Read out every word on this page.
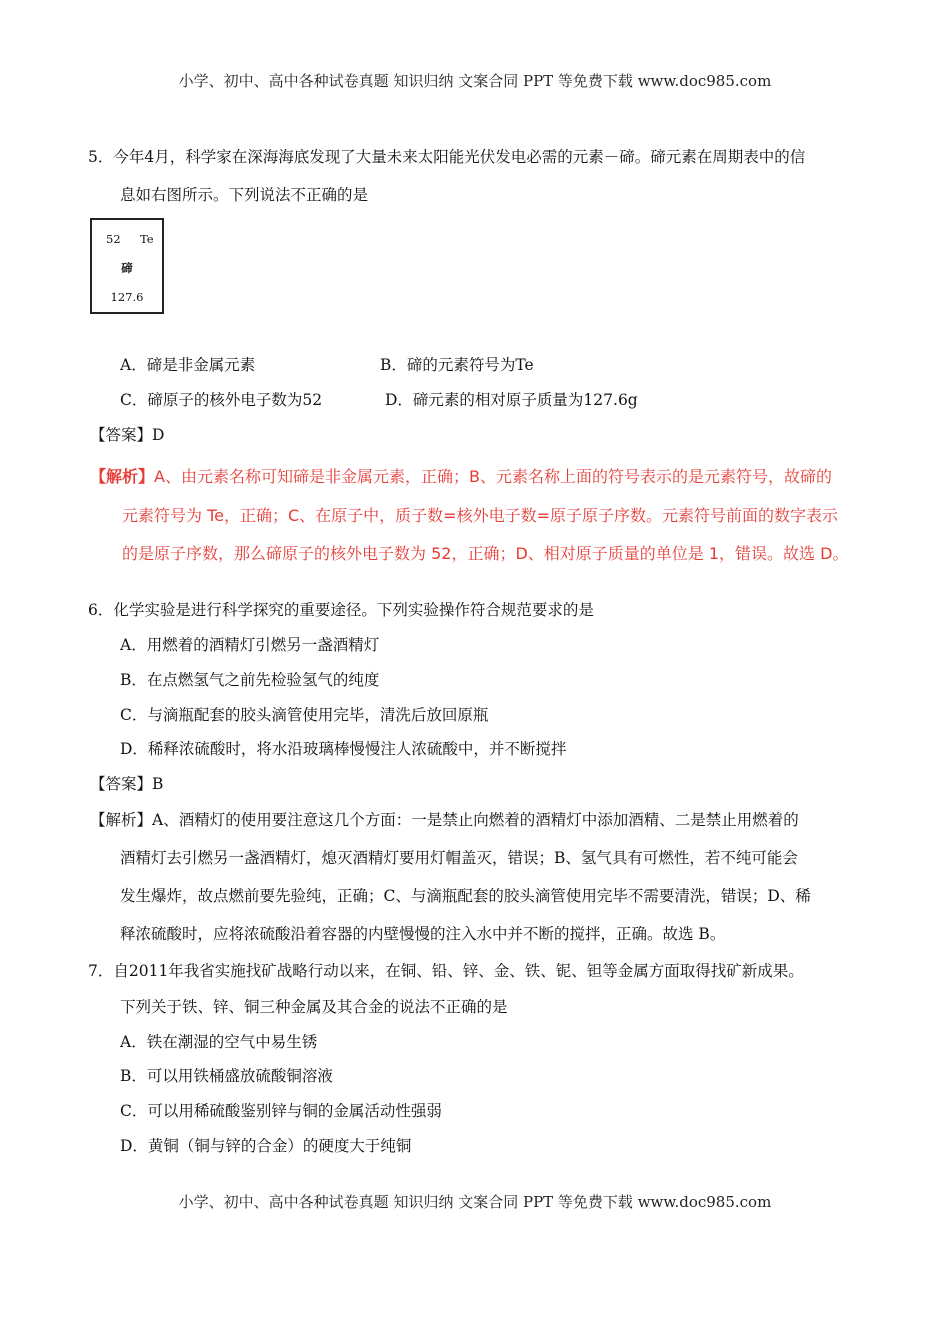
小学、初中、高中各种试卷真题 知识归纳 文案合同 PPT 等免费下载 www.doc985.com
5．今年4月，科学家在深海海底发现了大量未来太阳能光伏发电必需的元素－碲。碲元素在周期表中的信
息如右图所示。下列说法不正确的是
52 Te
碲
127.6
A．碲是非金属元素	B．碲的元素符号为Te
C．碲原子的核外电子数为52	D．碲元素的相对原子质量为127.6g
【答案】D
【解析】A、由元素名称可知碲是非金属元素，正确；B、元素名称上面的符号表示的是元素符号，故碲的
元素符号为 Te，正确；C、在原子中，质子数=核外电子数=原子原子序数。元素符号前面的数字表示
的是原子序数，那么碲原子的核外电子数为 52，正确；D、相对原子质量的单位是 1，错误。故选 D。
6．化学实验是进行科学探究的重要途径。下列实验操作符合规范要求的是
A．用燃着的酒精灯引燃另一盏酒精灯
B．在点燃氢气之前先检验氢气的纯度
C．与滴瓶配套的胶头滴管使用完毕，清洗后放回原瓶
D．稀释浓硫酸时，将水沿玻璃棒慢慢注人浓硫酸中，并不断搅拌
【答案】B
【解析】A、酒精灯的使用要注意这几个方面：一是禁止向燃着的酒精灯中添加酒精、二是禁止用燃着的
酒精灯去引燃另一盏酒精灯，熄灭酒精灯要用灯帽盖灭，错误；B、氢气具有可燃性，若不纯可能会
发生爆炸，故点燃前要先验纯，正确；C、与滴瓶配套的胶头滴管使用完毕不需要清洗，错误；D、稀
释浓硫酸时，应将浓硫酸沿着容器的内壁慢慢的注入水中并不断的搅拌，正确。故选 B。
7．自2011年我省实施找矿战略行动以来，在铜、铅、锌、金、铁、铌、钽等金属方面取得找矿新成果。
下列关于铁、锌、铜三种金属及其合金的说法不正确的是
A．铁在潮湿的空气中易生锈
B．可以用铁桶盛放硫酸铜溶液
C．可以用稀硫酸鉴别锌与铜的金属活动性强弱
D．黄铜（铜与锌的合金）的硬度大于纯铜
小学、初中、高中各种试卷真题 知识归纳 文案合同 PPT 等免费下载 www.doc985.com
